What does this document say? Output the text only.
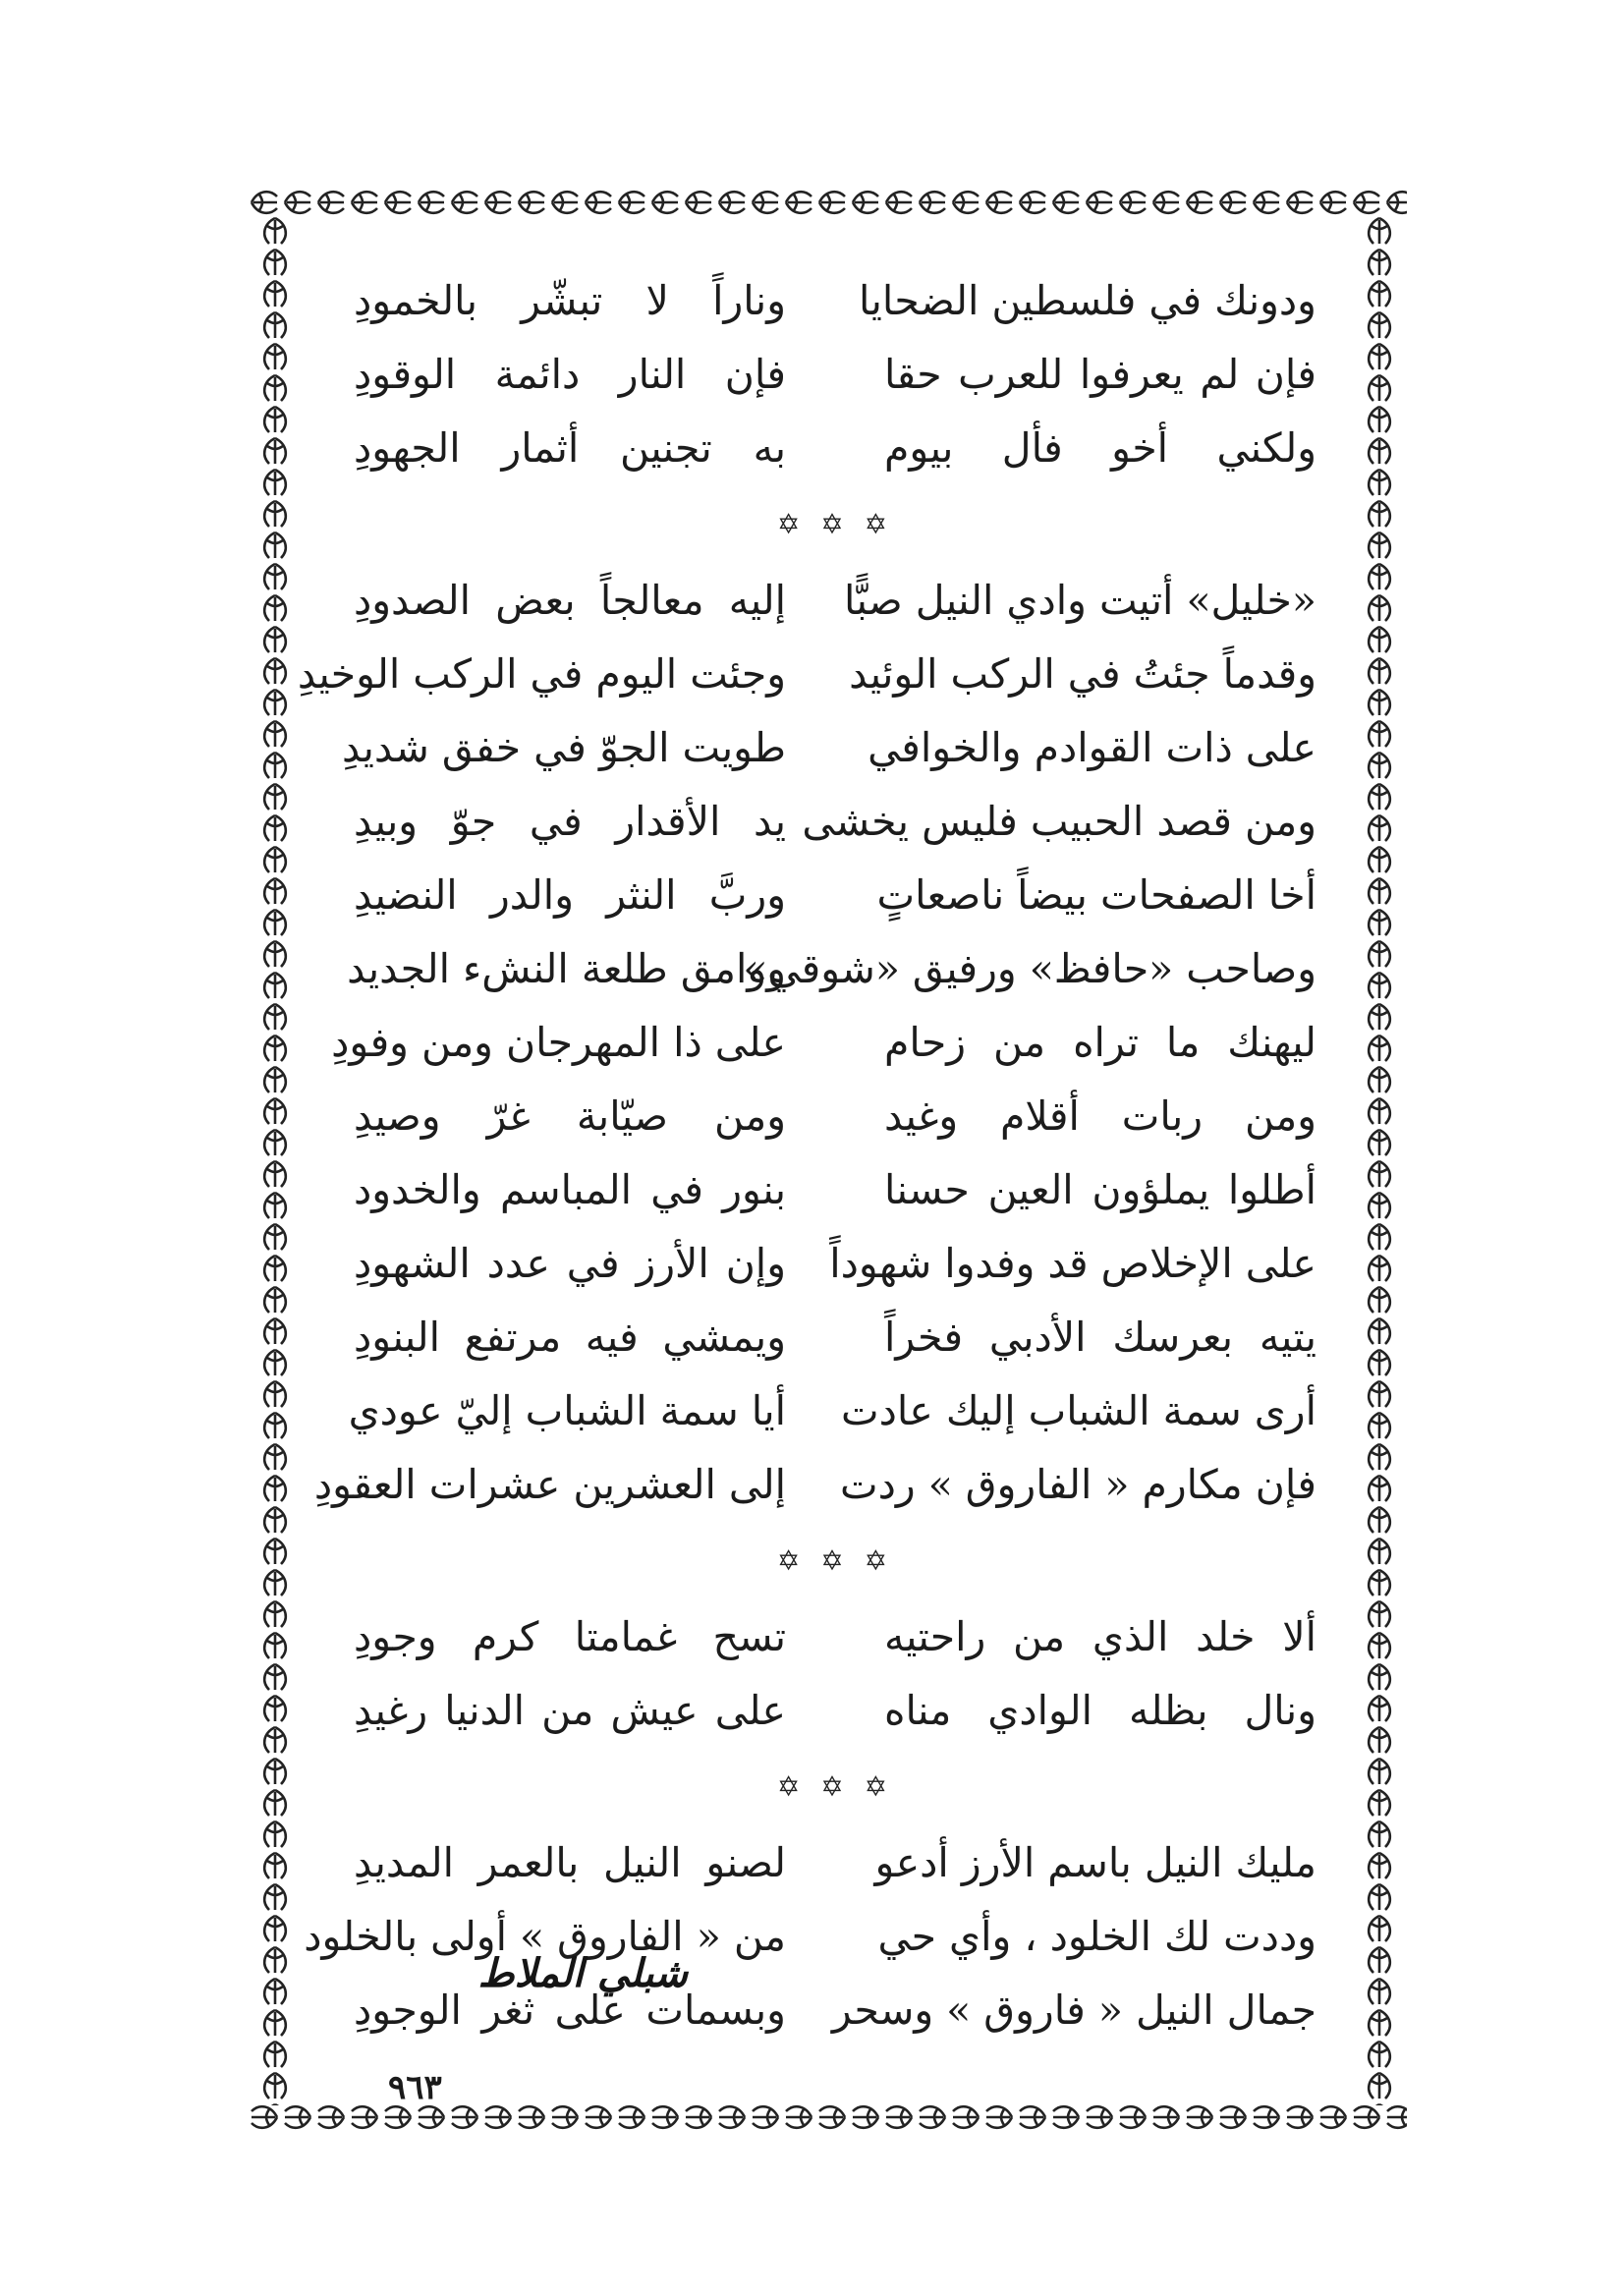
ودونك في فلسطين الضحايا
وناراً لا تبشّر بالخمودِ
فإن لم يعرفوا للعرب حقا
فإن النار دائمة الوقودِ
ولكني أخو فأل بيوم
به تجنين أثمار الجهودِ
✡ ✡ ✡
«خليل» أتيت وادي النيل صبًّا
إليه معالجاً بعض الصدودِ
وقدماً جئتُ في الركب الوئيد
وجئت اليوم في الركب الوخيدِ
على ذات القوادم والخوافي
طويت الجوّ في خفق شديدِ
ومن قصد الحبيب فليس يخشى
يد الأقدار في جوّ وبيدِ
أخا الصفحات بيضاً ناصعاتٍ
وربَّ النثر والدر النضيدِ
وصاحب «حافظ» ورفيق «شوقي»
ووامق طلعة النشء الجديد
ليهنك ما تراه من زحام
على ذا المهرجان ومن وفودِ
ومن ربات أقلام وغيد
ومن صيّابة غرّ وصيدِ
أطلوا يملؤون العين حسنا
بنور في المباسم والخدود
على الإخلاص قد وفدوا شهوداً
وإن الأرز في عدد الشهودِ
يتيه بعرسك الأدبي فخراً
ويمشي فيه مرتفع البنودِ
أرى سمة الشباب إليك عادت
أيا سمة الشباب إليّ عودي
فإن مكارم « الفاروق » ردت
إلى العشرين عشرات العقودِ
✡ ✡ ✡
ألا خلد الذي من راحتيه
تسح غمامتا كرم وجودِ
ونال بظله الوادي مناه
على عيش من الدنيا رغيدِ
✡ ✡ ✡
مليك النيل باسم الأرز أدعو
لصنو النيل بالعمر المديدِ
وددت لك الخلود ، وأي حي
من « الفاروق » أولى بالخلود
جمال النيل « فاروق » وسحر
وبسمات على ثغر الوجودِ
شبلي الملاط
٩٦٣
